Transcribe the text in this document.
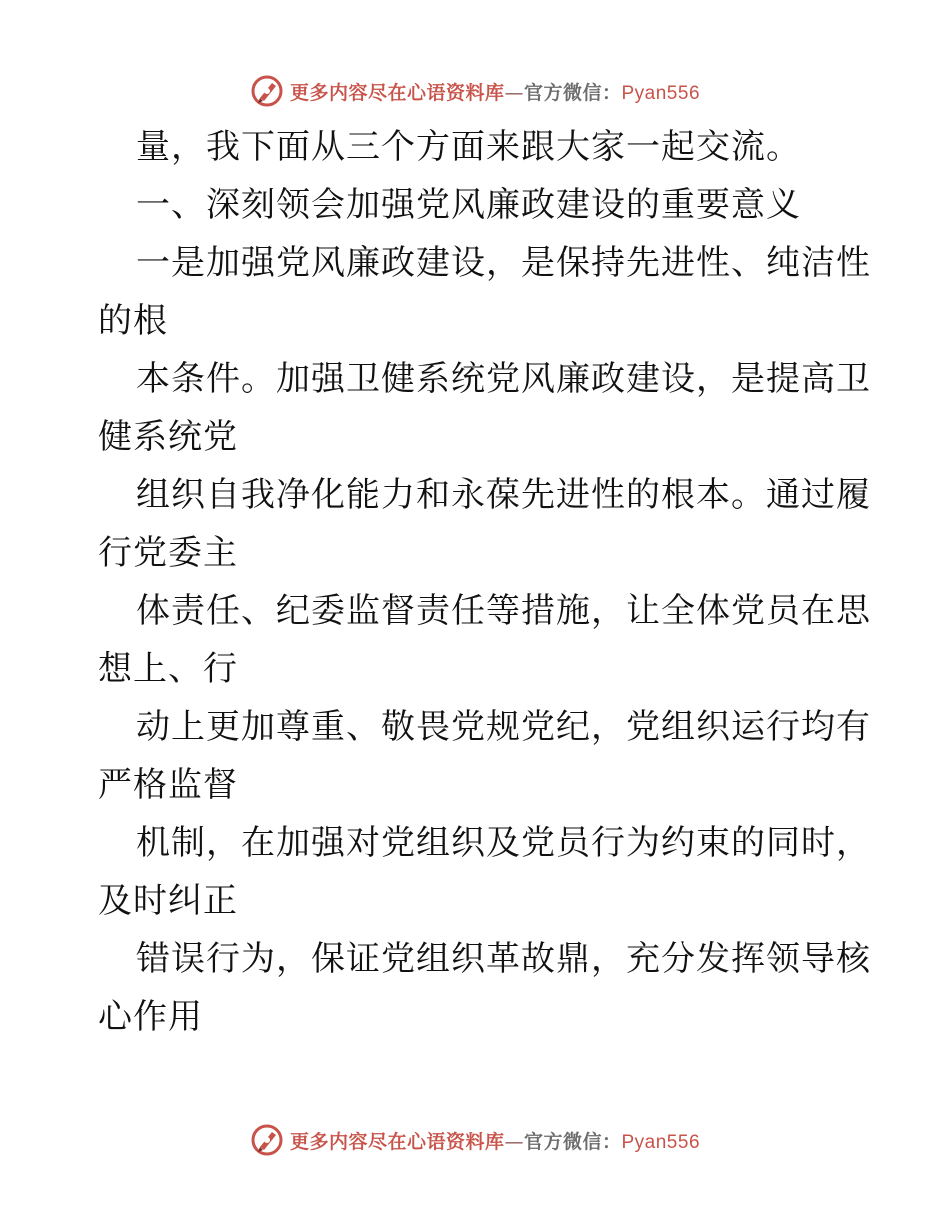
更多内容尽在心语资料库—官方微信：Pyan556
量，我下面从三个方面来跟大家一起交流。
一、深刻领会加强党风廉政建设的重要意义
一是加强党风廉政建设，是保持先进性、纯洁性
的根
本条件。加强卫健系统党风廉政建设，是提高卫
健系统党
组织自我净化能力和永葆先进性的根本。通过履
行党委主
体责任、纪委监督责任等措施，让全体党员在思
想上、行
动上更加尊重、敬畏党规党纪，党组织运行均有
严格监督
机制，在加强对党组织及党员行为约束的同时，
及时纠正
错误行为，保证党组织革故鼎，充分发挥领导核
心作用
更多内容尽在心语资料库—官方微信：Pyan556
